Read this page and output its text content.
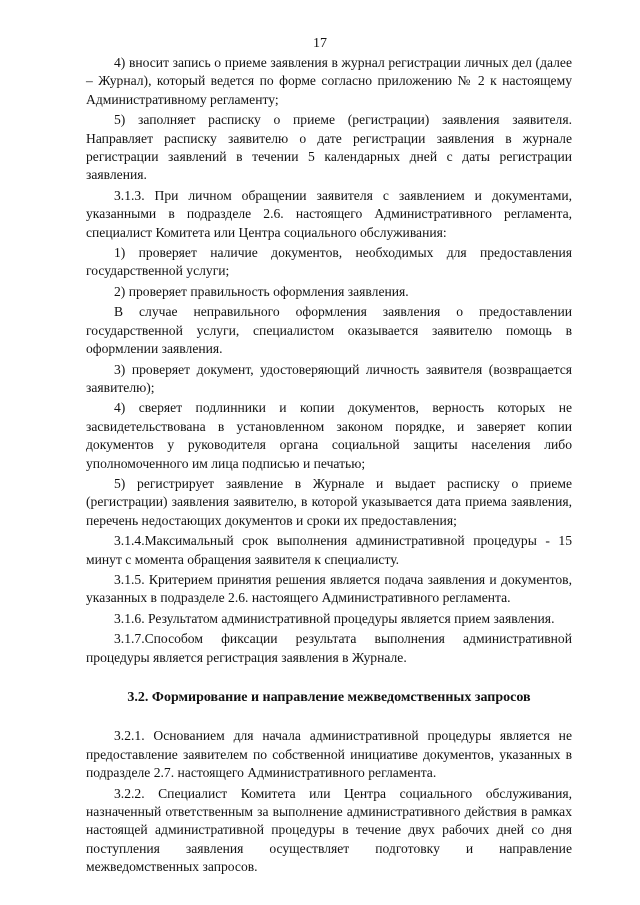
17

4) вносит запись о приеме заявления в журнал регистрации личных дел (далее – Журнал), который ведется по форме согласно приложению № 2 к настоящему Административному регламенту;

5) заполняет расписку о приеме (регистрации) заявления заявителя. Направляет расписку заявителю о дате регистрации заявления в журнале регистрации заявлений в течении 5 календарных дней с даты регистрации заявления.

3.1.3. При личном обращении заявителя с заявлением и документами, указанными в подразделе 2.6. настоящего Административного регламента, специалист Комитета или Центра социального обслуживания:

1) проверяет наличие документов, необходимых для предоставления государственной услуги;

2) проверяет правильность оформления заявления.

В случае неправильного оформления заявления о предоставлении государственной услуги, специалистом оказывается заявителю помощь в оформлении заявления.

3) проверяет документ, удостоверяющий личность заявителя (возвращается заявителю);

4) сверяет подлинники и копии документов, верность которых не засвидетельствована в установленном законом порядке, и заверяет копии документов у руководителя органа социальной защиты населения либо уполномоченного им лица подписью и печатью;

5) регистрирует заявление в Журнале и выдает расписку о приеме (регистрации) заявления заявителю, в которой указывается дата приема заявления, перечень недостающих документов и сроки их предоставления;

3.1.4.Максимальный срок выполнения административной процедуры - 15 минут с момента обращения заявителя к специалисту.

3.1.5. Критерием принятия решения является подача заявления и документов, указанных в подразделе 2.6. настоящего Административного регламента.

3.1.6. Результатом административной процедуры является прием заявления.

3.1.7.Способом фиксации результата выполнения административной процедуры является регистрация заявления в Журнале.

3.2. Формирование и направление межведомственных запросов

3.2.1. Основанием для начала административной процедуры является не предоставление заявителем по собственной инициативе документов, указанных в подразделе 2.7. настоящего Административного регламента.

3.2.2. Специалист Комитета или Центра социального обслуживания, назначенный ответственным за выполнение административного действия в рамках настоящей административной процедуры в течение двух рабочих дней со дня поступления заявления осуществляет подготовку и направление межведомственных запросов.
